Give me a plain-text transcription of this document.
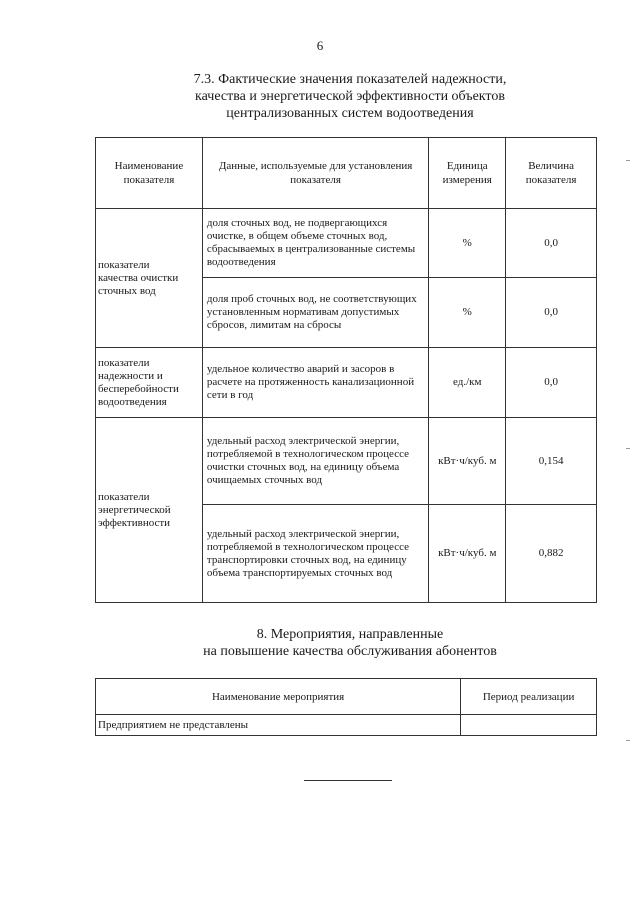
6
7.3. Фактические значения показателей надежности,
качества и энергетической эффективности объектов
централизованных систем водоотведения
Наименование показателя	Данные, используемые для установления показателя	Единица измерения	Величина показателя
показатели качества очистки сточных вод	доля сточных вод, не подвергающихся очистке, в общем объеме сточных вод, сбрасываемых в централизованные системы водоотведения	%	0,0
	доля проб сточных вод, не соответствующих установленным нормативам допустимых сбросов, лимитам на сбросы	%	0,0
показатели надежности и бесперебойности водоотведения	удельное количество аварий и засоров в расчете на протяженность канализационной сети в год	ед./км	0,0
показатели энергетической эффективности	удельный расход электрической энергии, потребляемой в технологическом процессе очистки сточных вод, на единицу объема очищаемых сточных вод	кВт·ч/куб. м	0,154
	удельный расход электрической энергии, потребляемой в технологическом процессе транспортировки сточных вод, на единицу объема транспортируемых сточных вод	кВт·ч/куб. м	0,882
8. Мероприятия, направленные
на повышение качества обслуживания абонентов
Наименование мероприятия	Период реализации
Предприятием не представлены	
